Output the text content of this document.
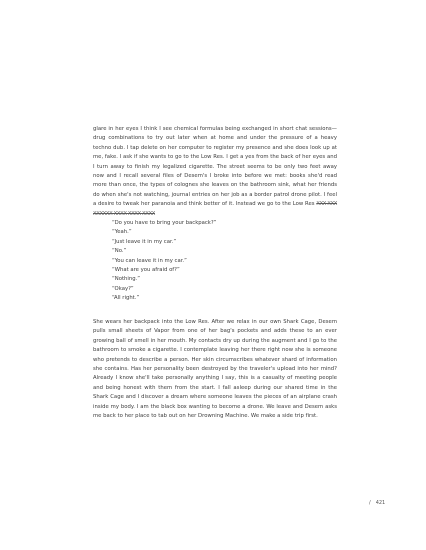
glare in her eyes I think I see chemical formulas being exchanged in short chat sessions—drug combinations to try out later when at home and under the pressure of a heavy techno dub. I tap delete on her computer to register my presence and she does look up at me, fake. I ask if she wants to go to the Low Res. I get a yes from the back of her eyes and I turn away to finish my legalized cigarette. The street seems to be only two feet away now and I recall several files of Desem's I broke into before we met: books she'd read more than once, the types of colognes she leaves on the bathroom sink, what her friends do when she's not watching, journal entries on her job as a border patrol drone pilot. I feel a desire to tweak her paranoia and think better of it. Instead we go to the Low Res XXX XXX XXXXXX XXXX XXXX XXXX
“Do you have to bring your backpack?”
“Yeah.”
“Just leave it in my car.”
“No.”
“You can leave it in my car.”
“What are you afraid of?”
“Nothing.”
“Okay?”
“All right.”
She wears her backpack into the Low Res. After we relax in our own Shark Cage, Desem pulls small sheets of Vapor from one of her bag's pockets and adds these to an ever growing ball of smell in her mouth. My contacts dry up during the augment and I go to the bathroom to smoke a cigarette. I contemplate leaving her there right now she is someone who pretends to describe a person. Her skin circumscribes whatever shard of information she contains. Has her personality been destroyed by the traveler's upload into her mind? Already I know she'll take personally anything I say, this is a casualty of meeting people and being honest with them from the start. I fall asleep during our shared time in the Shark Cage and I discover a dream where someone leaves the pieces of an airplane crash inside my body. I am the black box wanting to become a drone. We leave and Desem asks me back to her place to tab out on her Drowning Machine. We make a side trip first.
/ 421
